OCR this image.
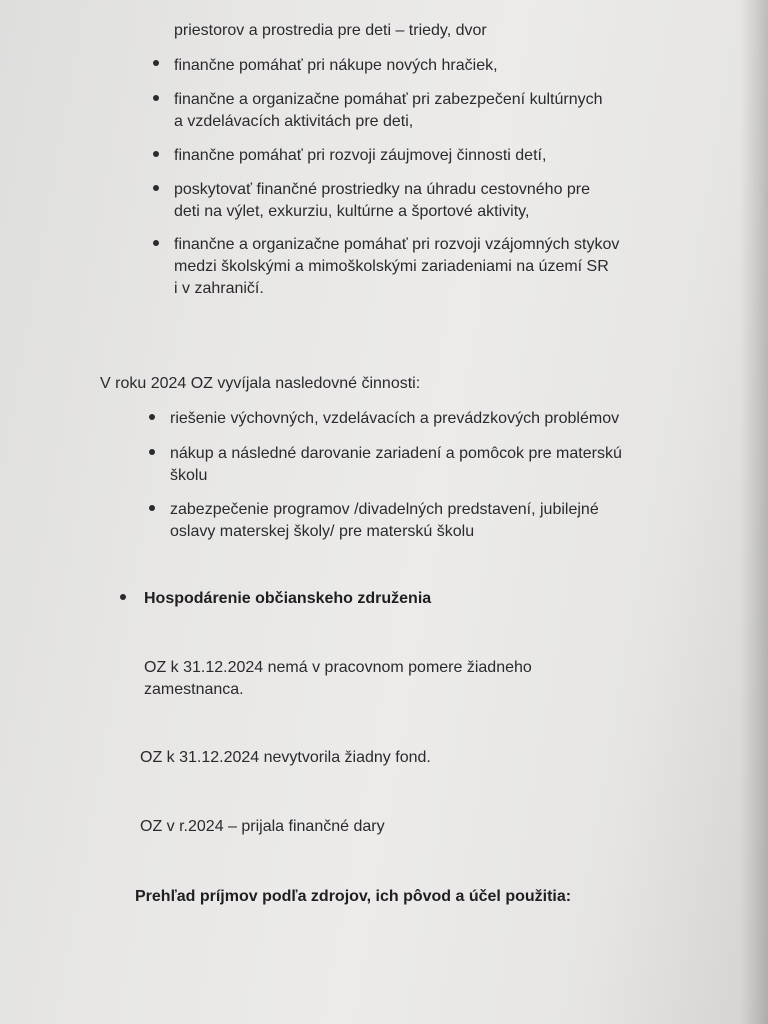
priestorov a prostredia pre deti – triedy, dvor
finančne pomáhať pri nákupe nových hračiek,
finančne a organizačne pomáhať pri zabezpečení kultúrnych
a vzdelávacích aktivitách pre deti,
finančne pomáhať pri rozvoji záujmovej činnosti detí,
poskytovať finančné prostriedky na úhradu cestovného pre
deti na výlet, exkurziu, kultúrne a športové aktivity,
finančne a organizačne pomáhať pri rozvoji vzájomných stykov
medzi školskými a mimoškolskými zariadeniami na území SR
i v zahraničí.
V roku 2024 OZ vyvíjala nasledovné činnosti:
riešenie výchovných, vzdelávacích a prevádzkových problémov
nákup a následné darovanie zariadení a pomôcok pre materskú
školu
zabezpečenie programov /divadelných predstavení, jubilejné
oslavy materskej školy/ pre materskú školu
Hospodárenie občianskeho združenia
OZ k 31.12.2024 nemá v pracovnom pomere žiadneho
zamestnanca.
OZ k 31.12.2024 nevytvorila žiadny fond.
OZ v r.2024 – prijala finančné dary
Prehľad príjmov podľa zdrojov, ich pôvod a účel použitia:
